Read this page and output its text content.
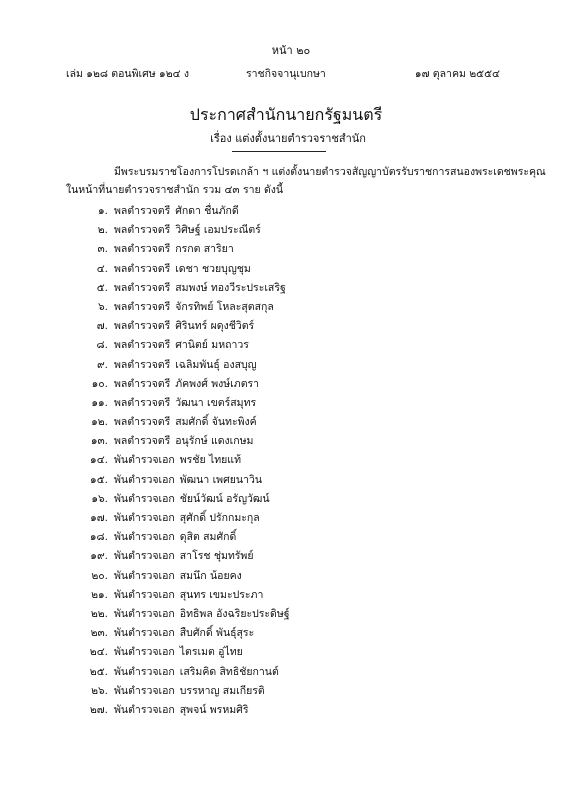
หน้า ๒๐
เล่ม ๑๒๘ ตอนพิเศษ ๑๒๔ ง	ราชกิจจานุเบกษา	๑๗ ตุลาคม ๒๕๕๔
ประกาศสำนักนายกรัฐมนตรี
เรื่อง แต่งตั้งนายตำรวจราชสำนัก
มีพระบรมราชโองการโปรดเกล้า ฯ แต่งตั้งนายตำรวจสัญญาบัตรรับราชการสนองพระเดชพระคุณ
ในหน้าที่นายตำรวจราชสำนัก รวม ๔๓ ราย ดังนี้
๑. พลตำรวจตรี ศักดา ชื่นภักดี
๒. พลตำรวจตรี วิศิษฐ์ เอมประณีตร์
๓. พลตำรวจตรี กรกต สาริยา
๔. พลตำรวจตรี เดชา ชวยบุญชุม
๕. พลตำรวจตรี สมพงษ์ ทองวีระประเสริฐ
๖. พลตำรวจตรี จักรทิพย์ โหละสุตสกุล
๗. พลตำรวจตรี ศิรินทร์ ผดุงชีวิตร์
๘. พลตำรวจตรี ศานิตย์ มหถาวร
๙. พลตำรวจตรี เฉลิมพันธุ์ องสบุญ
๑๐. พลตำรวจตรี ภัคพงศ์ พงษ์เภตรา
๑๑. พลตำรวจตรี วัฒนา เขตร์สมุทร
๑๒. พลตำรวจตรี สมศักดิ์ จันทะพิงค์
๑๓. พลตำรวจตรี อนุรักษ์ แดงเกษม
๑๔. พันตำรวจเอก พรชัย ไทยแท้
๑๕. พันตำรวจเอก พัฒนา เพศยนาวิน
๑๖. พันตำรวจเอก ชัยน์วัฒน์ อรัญวัฒน์
๑๗. พันตำรวจเอก สุศักดิ์ ปรักกมะกุล
๑๘. พันตำรวจเอก ดุสิต สมศักดิ์
๑๙. พันตำรวจเอก สาโรช ชุ่มทรัพย์
๒๐. พันตำรวจเอก สมนึก น้อยคง
๒๑. พันตำรวจเอก สุนทร เขมะประภา
๒๒. พันตำรวจเอก อิทธิพล อังฉริยะประดิษฐ์
๒๓. พันตำรวจเอก สืบศักดิ์ พันธุ์สุระ
๒๔. พันตำรวจเอก ไตรเมต อู่ไทย
๒๕. พันตำรวจเอก เสริมคิด สิทธิชัยกานต์
๒๖. พันตำรวจเอก บรรหาญ สมเกียรติ
๒๗. พันตำรวจเอก สุพจน์ พรหมศิริ
